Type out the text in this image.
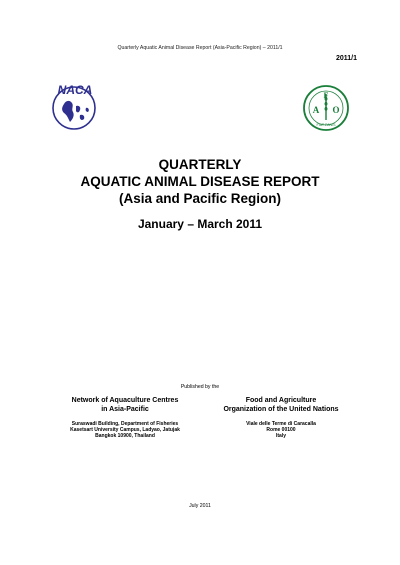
Quarterly Aquatic Animal Disease Report (Asia-Pacific Region) – 2011/1
2011/1
NACA	F
A O
FIAT PANIS
QUARTERLY
AQUATIC ANIMAL DISEASE REPORT
(Asia and Pacific Region)
January – March 2011
Published by the
Network of Aquaculture Centres
in Asia-Pacific
Suraswadi Building, Department of Fisheries
Kasetsart University Campus, Ladyao, Jatujak
Bangkok 10900, Thailand
Food and Agriculture
Organization of the United Nations
Viale delle Terme di Caracalla
Rome 00100
Italy
July 2011
